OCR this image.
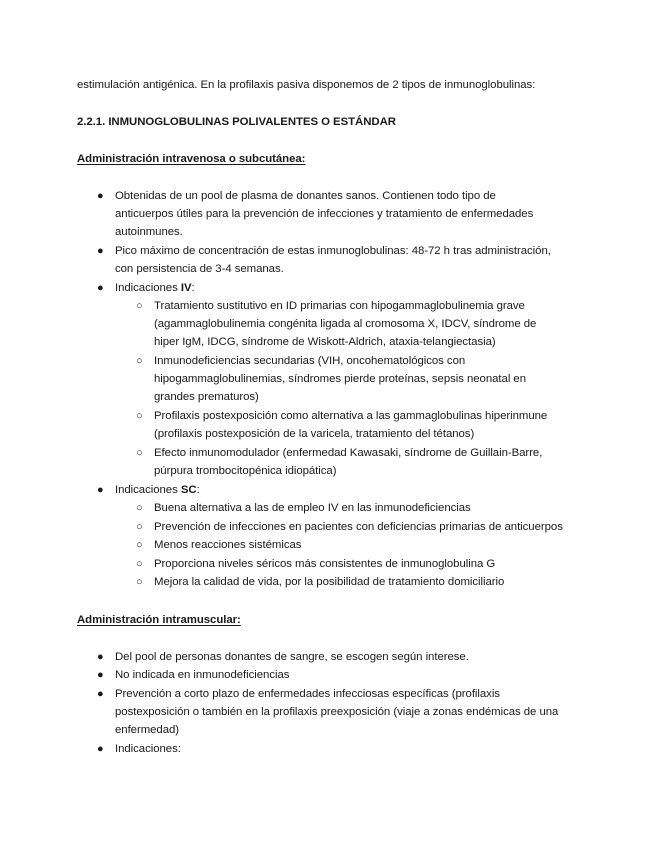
estimulación antigénica. En la profilaxis pasiva disponemos de 2 tipos de inmunoglobulinas:

2.2.1. INMUNOGLOBULINAS POLIVALENTES O ESTÁNDAR

Administración intravenosa o subcutánea:

● Obtenidas de un pool de plasma de donantes sanos. Contienen todo tipo de

anticuerpos útiles para la prevención de infecciones y tratamiento de enfermedades

autoinmunes.

● Pico máximo de concentración de estas inmunoglobulinas: 48-72 h tras administración,

con persistencia de 3-4 semanas.

● Indicaciones IV:

○ Tratamiento sustitutivo en ID primarias con hipogammaglobulinemia grave

(agammaglobulinemia congénita ligada al cromosoma X, IDCV, síndrome de

hiper IgM, IDCG, síndrome de Wiskott-Aldrich, ataxia-telangiectasia)

○ Inmunodeficiencias secundarias (VIH, oncohematológicos con

hipogammaglobulinemias, síndromes pierde proteínas, sepsis neonatal en

grandes prematuros)

○ Profilaxis postexposición como alternativa a las gammaglobulinas hiperinmune

(profilaxis postexposición de la varicela, tratamiento del tétanos)

○ Efecto inmunomodulador (enfermedad Kawasaki, síndrome de Guillain-Barre,

púrpura trombocitopénica idiopática)

● Indicaciones SC:

○ Buena alternativa a las de empleo IV en las inmunodeficiencias

○ Prevención de infecciones en pacientes con deficiencias primarias de anticuerpos

○ Menos reacciones sistémicas

○ Proporciona niveles séricos más consistentes de inmunoglobulina G

○ Mejora la calidad de vida, por la posibilidad de tratamiento domiciliario

Administración intramuscular:

● Del pool de personas donantes de sangre, se escogen según interese.

● No indicada en inmunodeficiencias

● Prevención a corto plazo de enfermedades infecciosas específicas (profilaxis

postexposición o también en la profilaxis preexposición (viaje a zonas endémicas de una

enfermedad)

● Indicaciones:
